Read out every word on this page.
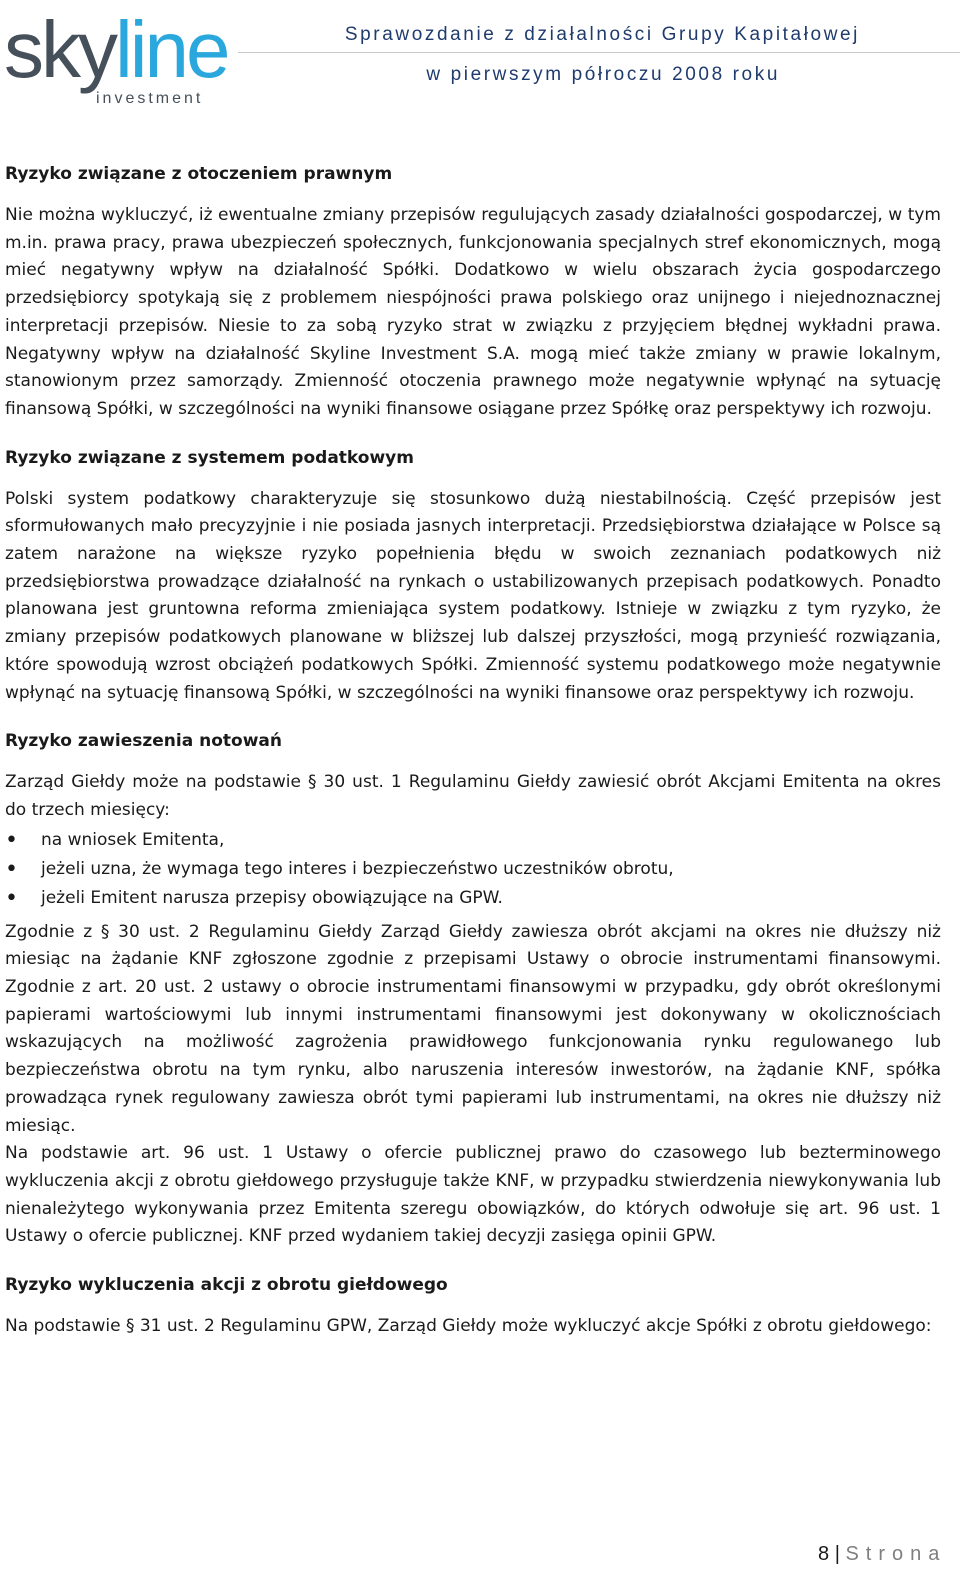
skyline
investment
Sprawozdanie z działalności Grupy Kapitałowej
w pierwszym półroczu 2008 roku
Ryzyko związane z otoczeniem prawnym

Nie można wykluczyć, iż ewentualne zmiany przepisów regulujących zasady działalności gospodarczej, w tym m.in. prawa pracy, prawa ubezpieczeń społecznych, funkcjonowania specjalnych stref ekonomicznych, mogą mieć negatywny wpływ na działalność Spółki. Dodatkowo w wielu obszarach życia gospodarczego przedsiębiorcy spotykają się z problemem niespójności prawa polskiego oraz unijnego i niejednoznacznej interpretacji przepisów. Niesie to za sobą ryzyko strat w związku z przyjęciem błędnej wykładni prawa. Negatywny wpływ na działalność Skyline Investment S.A. mogą mieć także zmiany w prawie lokalnym, stanowionym przez samorządy. Zmienność otoczenia prawnego może negatywnie wpłynąć na sytuację finansową Spółki, w szczególności na wyniki finansowe osiągane przez Spółkę oraz perspektywy ich rozwoju.

Ryzyko związane z systemem podatkowym

Polski system podatkowy charakteryzuje się stosunkowo dużą niestabilnością. Część przepisów jest sformułowanych mało precyzyjnie i nie posiada jasnych interpretacji. Przedsiębiorstwa działające w Polsce są zatem narażone na większe ryzyko popełnienia błędu w swoich zeznaniach podatkowych niż przedsiębiorstwa prowadzące działalność na rynkach o ustabilizowanych przepisach podatkowych. Ponadto planowana jest gruntowna reforma zmieniająca system podatkowy. Istnieje w związku z tym ryzyko, że zmiany przepisów podatkowych planowane w bliższej lub dalszej przyszłości, mogą przynieść rozwiązania, które spowodują wzrost obciążeń podatkowych Spółki. Zmienność systemu podatkowego może negatywnie wpłynąć na sytuację finansową Spółki, w szczególności na wyniki finansowe oraz perspektywy ich rozwoju.

Ryzyko zawieszenia notowań

Zarząd Giełdy może na podstawie § 30 ust. 1 Regulaminu Giełdy zawiesić obrót Akcjami Emitenta na okres do trzech miesięcy:

• na wniosek Emitenta,
• jeżeli uzna, że wymaga tego interes i bezpieczeństwo uczestników obrotu,
• jeżeli Emitent narusza przepisy obowiązujące na GPW.

Zgodnie z § 30 ust. 2 Regulaminu Giełdy Zarząd Giełdy zawiesza obrót akcjami na okres nie dłuższy niż miesiąc na żądanie KNF zgłoszone zgodnie z przepisami Ustawy o obrocie instrumentami finansowymi. Zgodnie z art. 20 ust. 2 ustawy o obrocie instrumentami finansowymi w przypadku, gdy obrót określonymi papierami wartościowymi lub innymi instrumentami finansowymi jest dokonywany w okolicznościach wskazujących na możliwość zagrożenia prawidłowego funkcjonowania rynku regulowanego lub bezpieczeństwa obrotu na tym rynku, albo naruszenia interesów inwestorów, na żądanie KNF, spółka prowadząca rynek regulowany zawiesza obrót tymi papierami lub instrumentami, na okres nie dłuższy niż miesiąc.

Na podstawie art. 96 ust. 1 Ustawy o ofercie publicznej prawo do czasowego lub bezterminowego wykluczenia akcji z obrotu giełdowego przysługuje także KNF, w przypadku stwierdzenia niewykonywania lub nienależytego wykonywania przez Emitenta szeregu obowiązków, do których odwołuje się art. 96 ust. 1 Ustawy o ofercie publicznej. KNF przed wydaniem takiej decyzji zasięga opinii GPW.

Ryzyko wykluczenia akcji z obrotu giełdowego

Na podstawie § 31 ust. 2 Regulaminu GPW, Zarząd Giełdy może wykluczyć akcje Spółki z obrotu giełdowego:

8 | Strona
